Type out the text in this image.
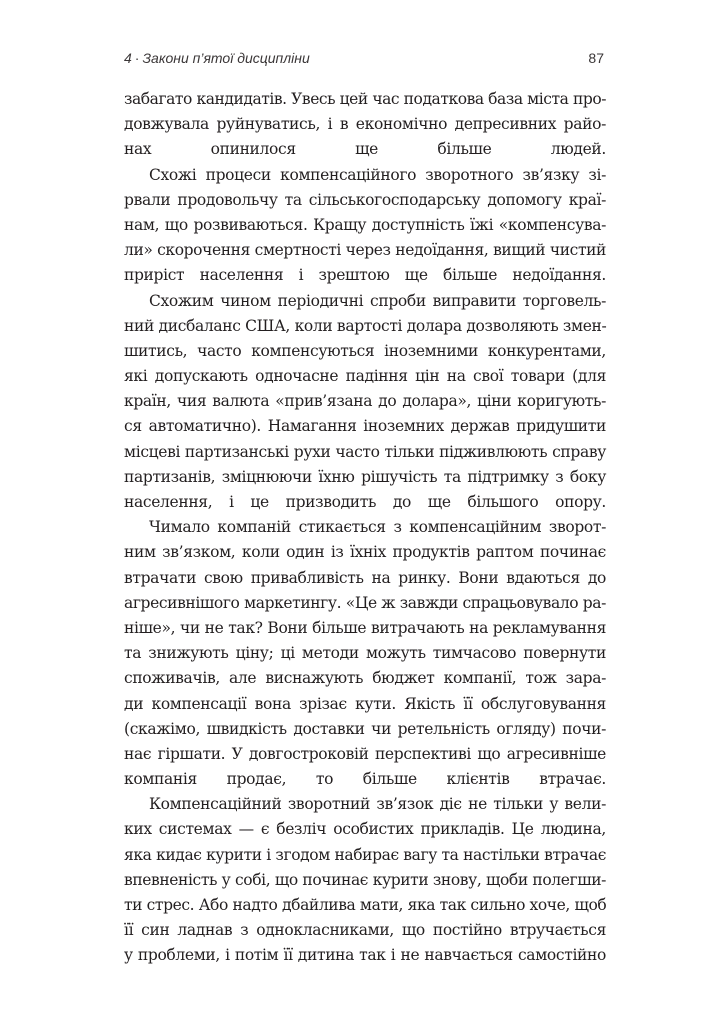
4 · Закони п’ятої дисципліни	87
забагато кандидатів. Увесь цей час податкова база міста про-
довжувала руйнуватись, і в економічно депресивних райо-
нах опинилося ще більше людей.
Схожі процеси компенсаційного зворотного зв’язку зі-
рвали продовольчу та сільськогосподарську допомогу краї-
нам, що розвиваються. Кращу доступність їжі «компенсува-
ли» скорочення смертності через недоїдання, вищий чистий
приріст населення і зрештою ще більше недоїдання.
Схожим чином періодичні спроби виправити торговель-
ний дисбаланс США, коли вартості долара дозволяють змен-
шитись, часто компенсуються іноземними конкурентами,
які допускають одночасне падіння цін на свої товари (для
країн, чия валюта «прив’язана до долара», ціни коригують-
ся автоматично). Намагання іноземних держав придушити
місцеві партизанські рухи часто тільки підживлюють справу
партизанів, зміцнюючи їхню рішучість та підтримку з боку
населення, і це призводить до ще більшого опору.
Чимало компаній стикається з компенсаційним зворот-
ним зв’язком, коли один із їхніх продуктів раптом починає
втрачати свою привабливість на ринку. Вони вдаються до
агресивнішого маркетингу. «Це ж завжди спрацьовувало ра-
ніше», чи не так? Вони більше витрачають на рекламування
та знижують ціну; ці методи можуть тимчасово повернути
споживачів, але виснажують бюджет компанії, тож зара-
ди компенсації вона зрізає кути. Якість її обслуговування
(скажімо, швидкість доставки чи ретельність огляду) почи-
нає гіршати. У довгостроковій перспективі що агресивніше
компанія продає, то більше клієнтів втрачає.
Компенсаційний зворотний зв’язок діє не тільки у вели-
ких системах — є безліч особистих прикладів. Це людина,
яка кидає курити і згодом набирає вагу та настільки втрачає
впевненість у собі, що починає курити знову, щоби полегши-
ти стрес. Або надто дбайлива мати, яка так сильно хоче, щоб
її син ладнав з однокласниками, що постійно втручається
у проблеми, і потім її дитина так і не навчається самостійно
